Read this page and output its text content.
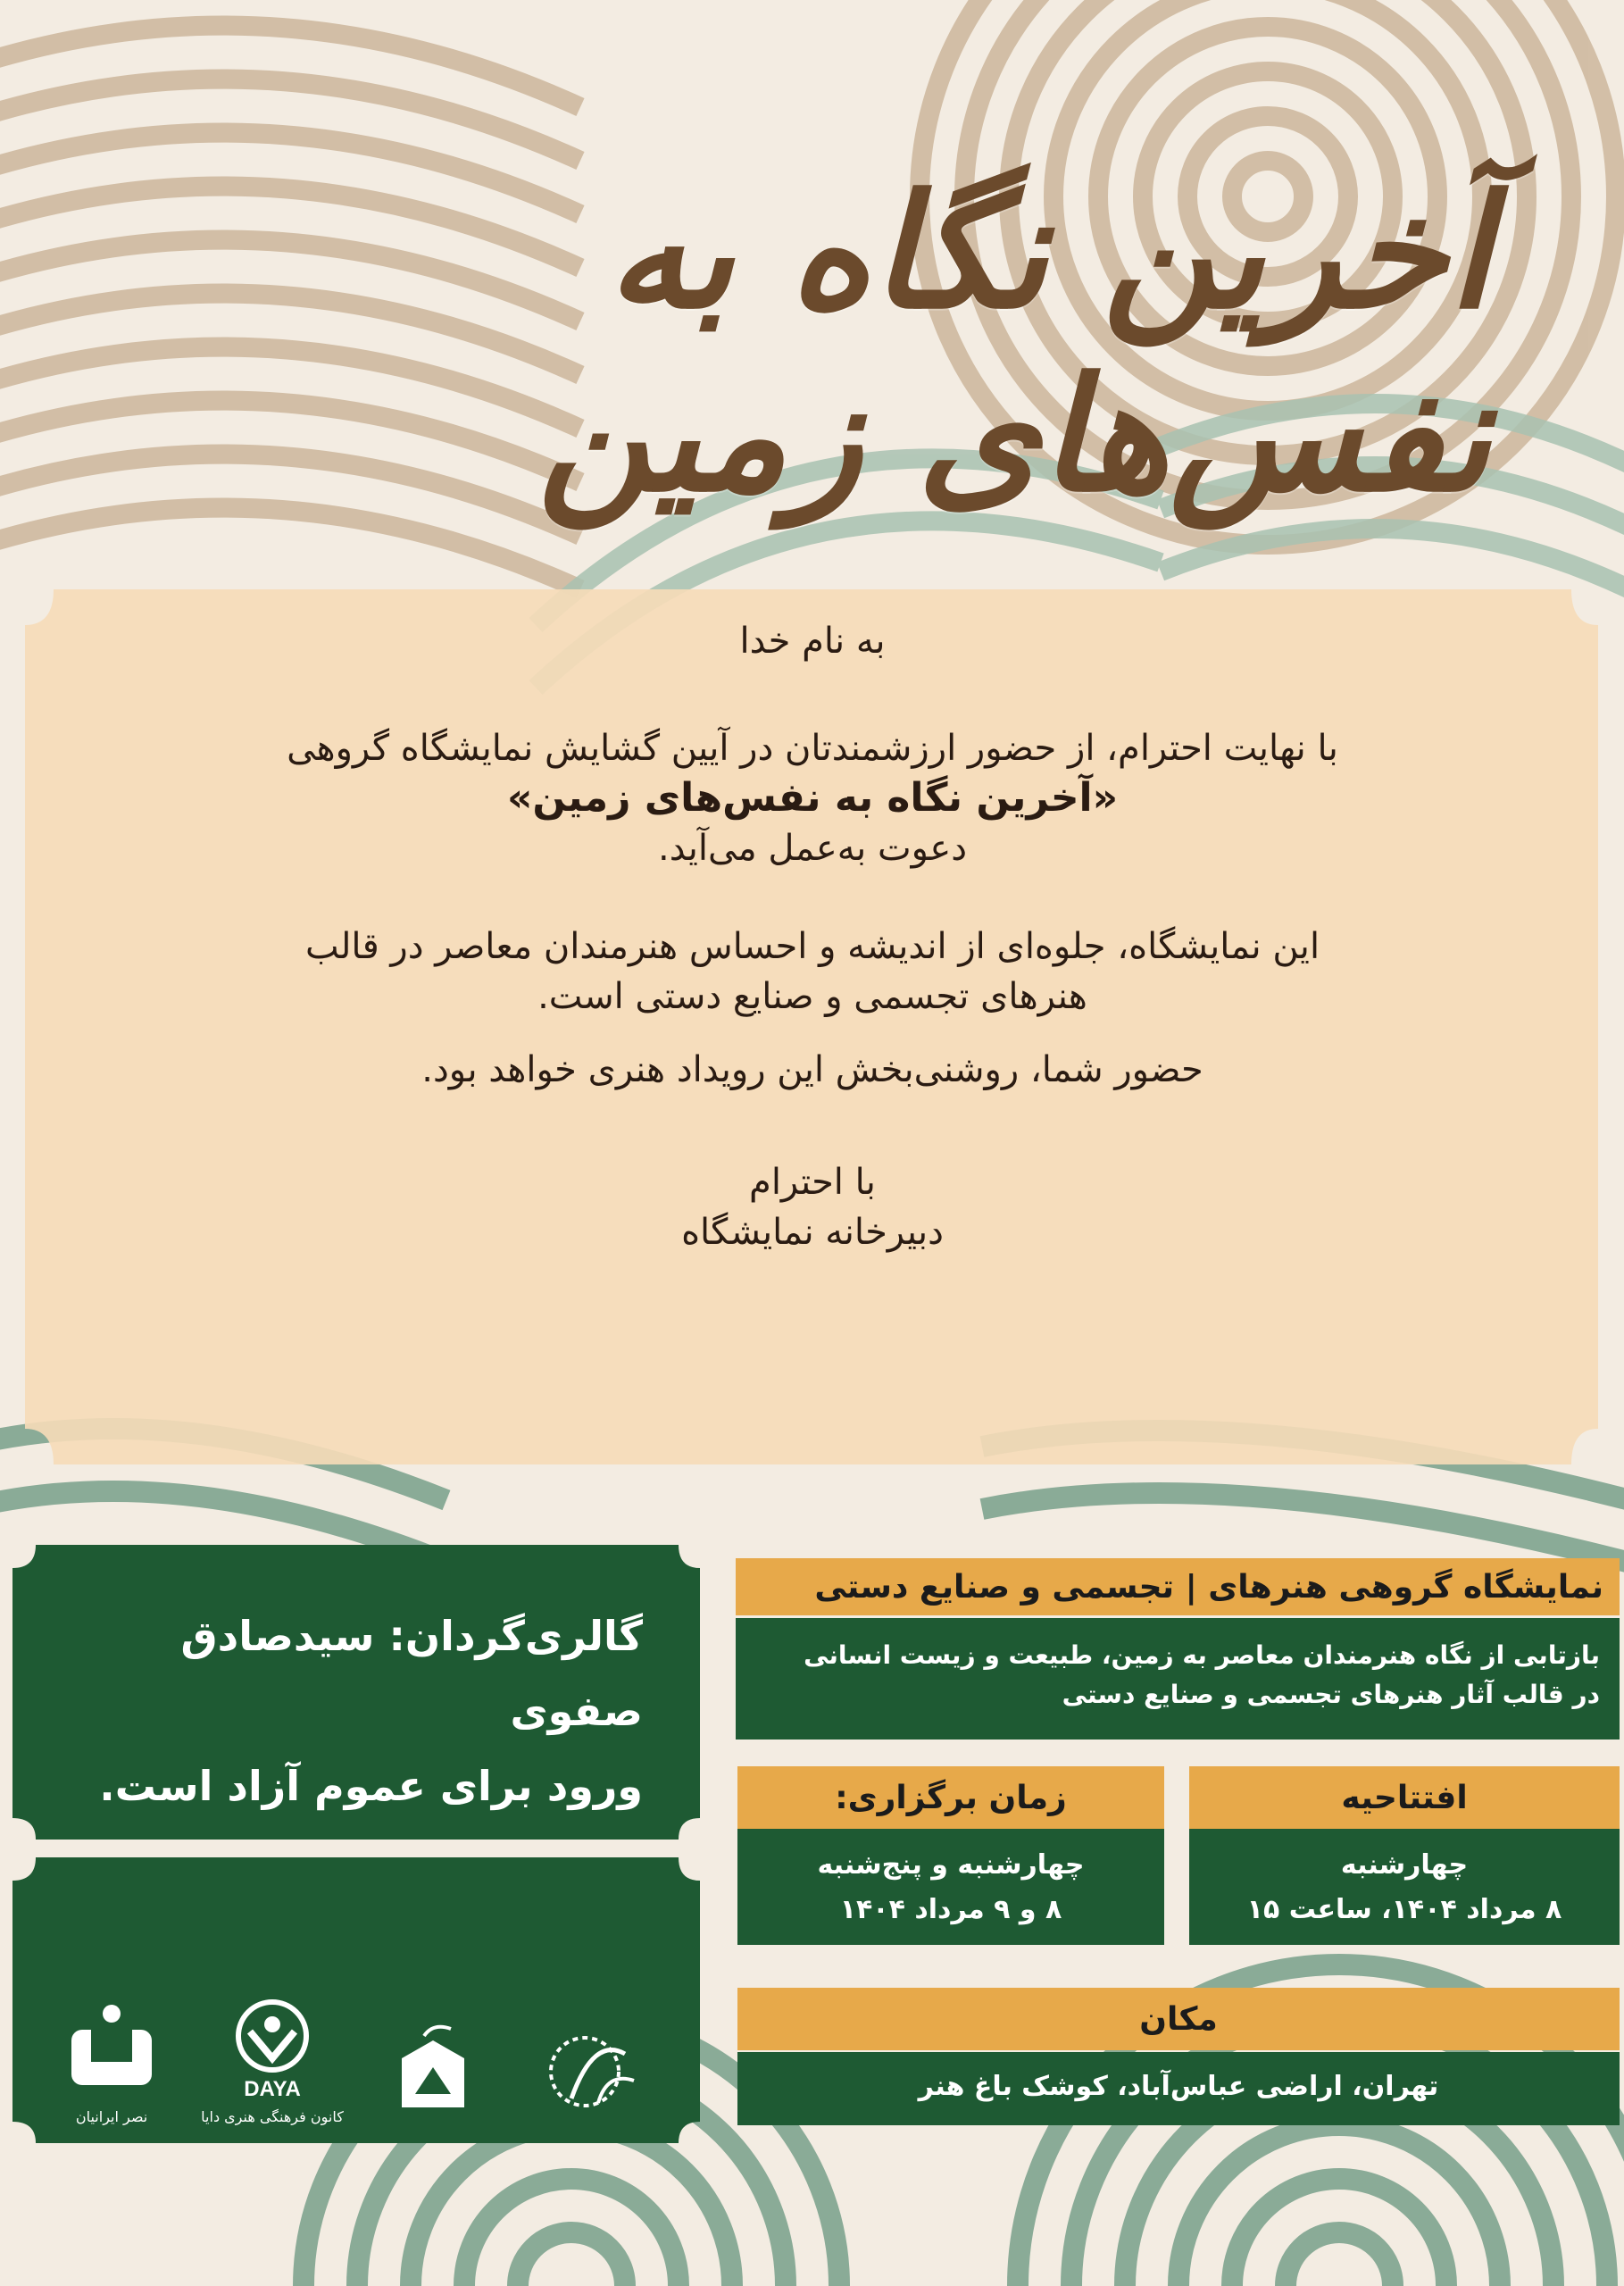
آخرین نگاه به نفس‌های زمین
به نام خدا
با نهایت احترام، از حضور ارزشمندتان در آیین گشایش نمایشگاه گروهی
«آخرین نگاه به نفس‌های زمین»
دعوت به‌عمل می‌آید.
این نمایشگاه، جلوه‌ای از اندیشه و احساس هنرمندان معاصر در قالب
هنرهای تجسمی و صنایع دستی است.
حضور شما، روشنی‌بخش این رویداد هنری خواهد بود.
با احترام
دبیرخانه نمایشگاه
گالری‌گردان: سیدصادق صفوی
ورود برای عموم آزاد است.
DAYA
کانون فرهنگی هنری دایا
نصر ایرانیان
نمایشگاه گروهی هنرهای | تجسمی و صنایع دستی
بازتابی از نگاه هنرمندان معاصر به زمین، طبیعت و زیست انسانی
در قالب آثار هنرهای تجسمی و صنایع دستی
افتتاحیه
چهارشنبه
۸ مرداد ۱۴۰۴، ساعت ۱۵
زمان برگزاری:
چهارشنبه و پنج‌شنبه
۸ و ۹ مرداد ۱۴۰۴
مکان
تهران، اراضی عباس‌آباد، کوشک باغ هنر
